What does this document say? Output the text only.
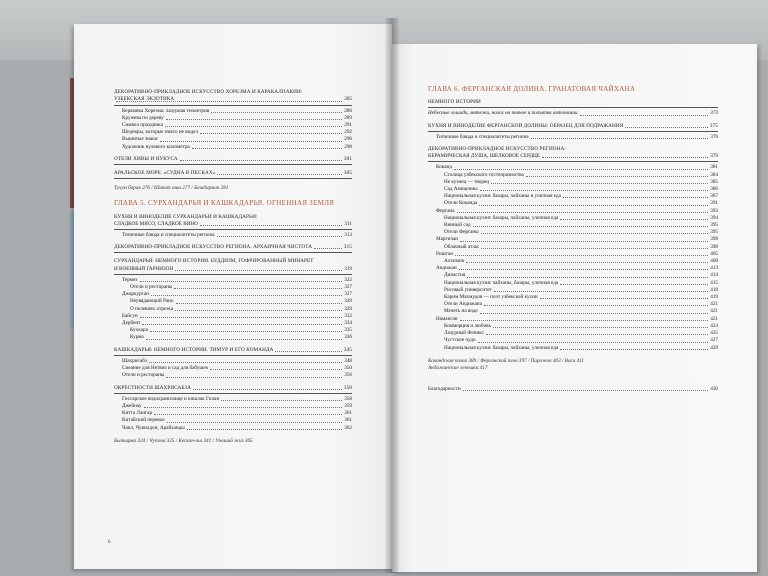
ДЕКОРАТИВНО-ПРИКЛАДНОЕ ИСКУССТВО ХОРЕЗМА И КАРАКАЛПАКИИ: УЗБЕКСКАЯ ЭКЗОТИКА	285
Керамика Хорезма: лазурная геометрия	286
Кружева по дереву	289
Символ праздника	291
Шедевры, которые никто не видел	292
Вышитые знаки	296
Художник нулевого километра	298
ОТЕЛИ ХИВЫ И НУКУСА	301
АРАЛЬСКОЕ МОРЕ. «СУДНА В ПЕСКАХ»	305
Тухум барак 276 / Шивит оши 277 / Бешбармак 281
ГЛАВА 5. СУРХАНДАРЬЯ И КАШКАДАРЬЯ. ОГНЕННАЯ ЗЕМЛЯ
КУХНЯ И ВИНОДЕЛИЕ СУРХАНДАРЬИ И КАШКАДАРЬИ:
СЛАДКОЕ МЯСО, СЛАДКОЕ ВИНО	311
Типичные блюда и специалитеты региона	313
ДЕКОРАТИВНО-ПРИКЛАДНОЕ ИСКУССТВО РЕГИОНА. АРХАИЧНАЯ ЧИСТОТА	315
СУРХАНДАРЬЯ: НЕМНОГО ИСТОРИИ. БУДДИЗМ, ГОФРИРОВАННЫЙ МИНАРЕТ
И ВОЕННЫЙ ГАРНИЗОН	319
Термез	322
Отели и рестораны	327
Джаркурган	327
Неувядающий Рано	328
О пелевиях отрезка	329
Байсун	332
Дербент	334
Кухкара	335
Курма	336
КАШКАДАРЬЯ: НЕМНОГО ИСТОРИИ. ТИМУР И ЕГО КОМАНДА	345
Шахрисабз	348
Сиеание для Нетвиз и сад для бабушек	350
Отели и рестораны	356
ОКРЕСТНОСТИ ШАХРИСАБЗА	358
Гиссарское водохранилище и кишлак Гилан	358
Джейнау	359
Китта Лангар	361
Китайский перевал	361
Чапл, Чувилдон, Арабханды	362
Бытырма 324 / Чупона 325 / Кескан-ош 341 / Унаший жиз 365
6
ГЛАВА 6. ФЕРГАНСКАЯ ДОЛИНА. ГРАНАТОВАЯ ЧАЙХАНА
НЕМНОГО ИСТОРИИ
Небесные лошади, мятежи, налог на пивное и попытка автономии	373
КУХНЯ И ВИНОДЕЛИЕ ФЕРГАНСКОЙ ДОЛИНЫ: ОБРАЗЕЦ ДЛЯ ПОДРАЖАНИЯ	375
Типичные блюда и специалитеты региона	376
ДЕКОРАТИВНО-ПРИКЛАДНОЕ ИСКУССТВО РЕГИОНА:
КЕРАМИЧЕСКАЯ ДУША, ШЕЛКОВОЕ СЕРДЦЕ	379
Коканд	381
Столица узбекского гостеприимства	384
Не кузнец — творец	385
Сад Амиценны	386
Национальная кухня: базары, чайханы и уличная еда	387
Отели Коканда	391
Фергана	393
Национальная кухня: базары, чайханы, уличная еда	394
Винный сад	395
Отели Ферганы	395
Маргилан	398
Облачный атлас	398
Риштан	405
Алхимик	408
Андижан	413
Династия	414
Национальная кухня: чайханы, базары, уличная еда	415
Рисовый университет	418
Карим Махмудов — поэт узбекской кухни	419
Отели Андижана	421
Мечеть на воде	421
Наманган	421
Коммерция и любовь	424
Лазурный Феникс	425
Чустское чудо	427
Национальная кухня: базары, чайханы, уличная еда	428
Кокандская палва 389 / Ферганский плов 397 / Пирожок 403 / Васа 411
Андижанские лепешки 417
Благодарности	430
